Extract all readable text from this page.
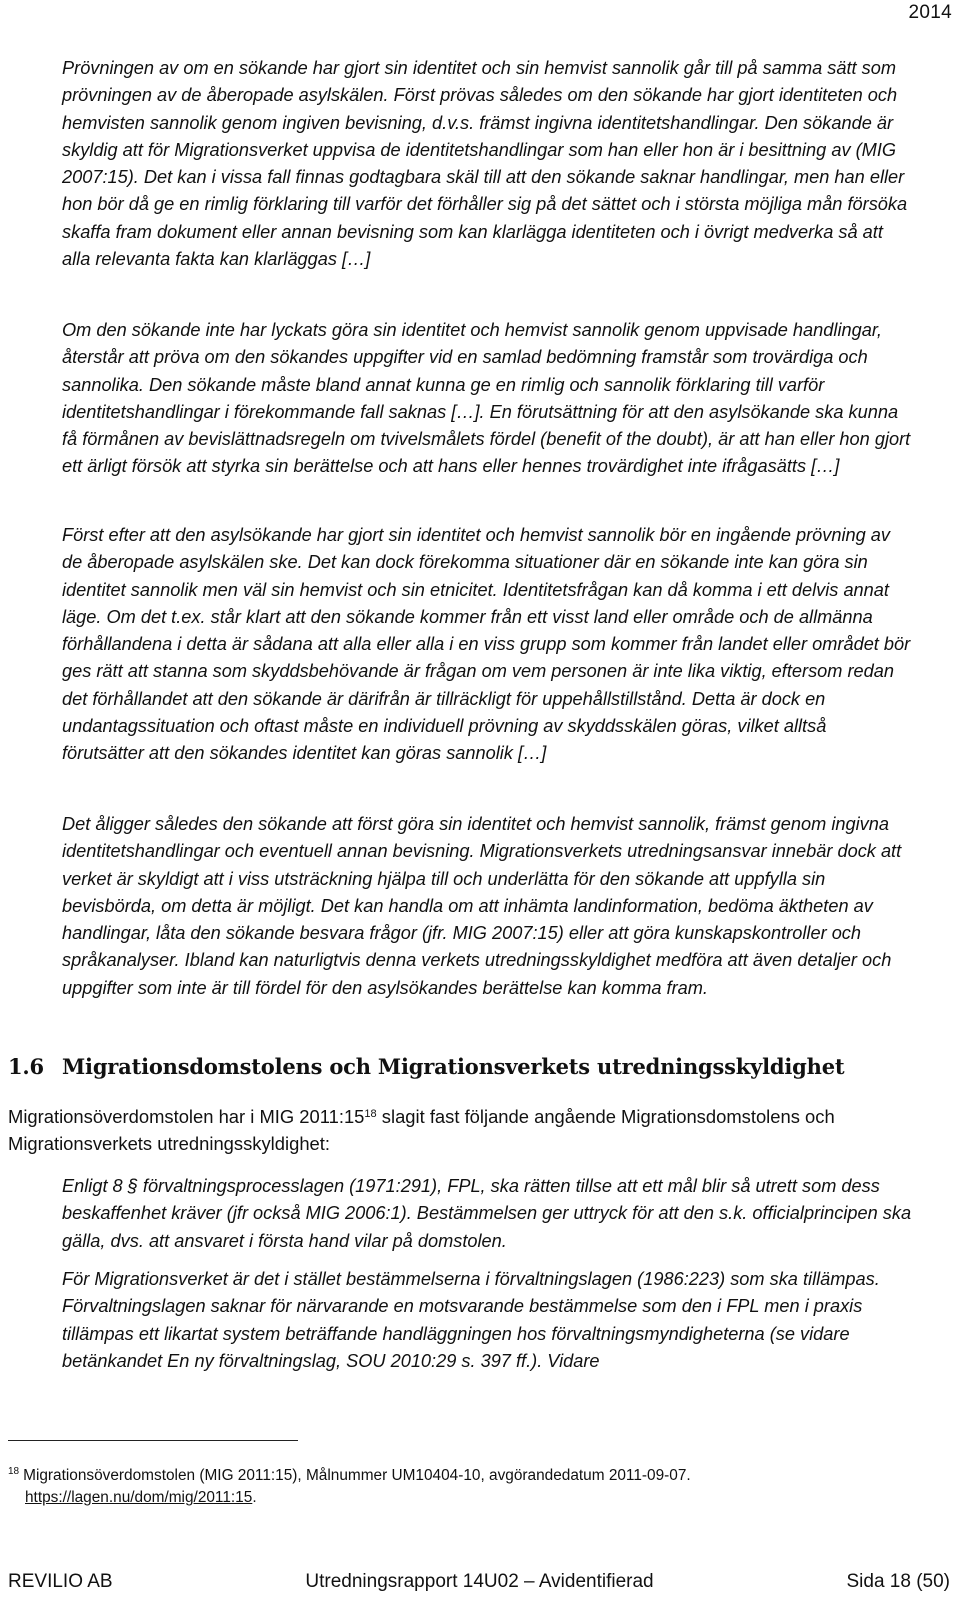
2014

Prövningen av om en sökande har gjort sin identitet och sin hemvist sannolik går till på samma sätt som prövningen av de åberopade asylskälen. Först prövas således om den sökande har gjort identiteten och hemvisten sannolik genom ingiven bevisning, d.v.s. främst ingivna identitetshandlingar. Den sökande är skyldig att för Migrationsverket uppvisa de identitetshandlingar som han eller hon är i besittning av (MIG 2007:15). Det kan i vissa fall finnas godtagbara skäl till att den sökande saknar handlingar, men han eller hon bör då ge en rimlig förklaring till varför det förhåller sig på det sättet och i största möjliga mån försöka skaffa fram dokument eller annan bevisning som kan klarlägga identiteten och i övrigt medverka så att alla relevanta fakta kan klarläggas […]

Om den sökande inte har lyckats göra sin identitet och hemvist sannolik genom uppvisade handlingar, återstår att pröva om den sökandes uppgifter vid en samlad bedömning framstår som trovärdiga och sannolika. Den sökande måste bland annat kunna ge en rimlig och sannolik förklaring till varför identitetshandlingar i förekommande fall saknas […]. En förutsättning för att den asylsökande ska kunna få förmånen av bevislättnadsregeln om tvivelsmålets fördel (benefit of the doubt), är att han eller hon gjort ett ärligt försök att styrka sin berättelse och att hans eller hennes trovärdighet inte ifrågasätts […]

Först efter att den asylsökande har gjort sin identitet och hemvist sannolik bör en ingående prövning av de åberopade asylskälen ske. Det kan dock förekomma situationer där en sökande inte kan göra sin identitet sannolik men väl sin hemvist och sin etnicitet. Identitetsfrågan kan då komma i ett delvis annat läge. Om det t.ex. står klart att den sökande kommer från ett visst land eller område och de allmänna förhållandena i detta är sådana att alla eller alla i en viss grupp som kommer från landet eller området bör ges rätt att stanna som skyddsbehövande är frågan om vem personen är inte lika viktig, eftersom redan det förhållandet att den sökande är därifrån är tillräckligt för uppehållstillstånd. Detta är dock en undantagssituation och oftast måste en individuell prövning av skyddsskälen göras, vilket alltså förutsätter att den sökandes identitet kan göras sannolik […]

Det åligger således den sökande att först göra sin identitet och hemvist sannolik, främst genom ingivna identitetshandlingar och eventuell annan bevisning. Migrationsverkets utredningsansvar innebär dock att verket är skyldigt att i viss utsträckning hjälpa till och underlätta för den sökande att uppfylla sin bevisbörda, om detta är möjligt. Det kan handla om att inhämta landinformation, bedöma äktheten av handlingar, låta den sökande besvara frågor (jfr. MIG 2007:15) eller att göra kunskapskontroller och språkanalyser. Ibland kan naturligtvis denna verkets utredningsskyldighet medföra att även detaljer och uppgifter som inte är till fördel för den asylsökandes berättelse kan komma fram.

1.6 Migrationsdomstolens och Migrationsverkets utredningsskyldighet

Migrationsöverdomstolen har i MIG $2011:15^{18}$ slagit fast följande angående Migrationsdomstolens och Migrationsverkets utredningsskyldighet:

Enligt 8 § förvaltningsprocesslagen (1971:291), FPL, ska rätten tillse att ett mål blir så utrett som dess beskaffenhet kräver (jfr också MIG 2006:1). Bestämmelsen ger uttryck för att den s.k. officialprincipen ska gälla, dvs. att ansvaret i första hand vilar på domstolen.

För Migrationsverket är det i stället bestämmelserna i förvaltningslagen (1986:223) som ska tillämpas. Förvaltningslagen saknar för närvarande en motsvarande bestämmelse som den i FPL men i praxis tillämpas ett likartat system beträffande handläggningen hos förvaltningsmyndigheterna (se vidare betänkandet En ny förvaltningslag, SOU 2010:29 s. 397 ff.). Vidare

$^{18}$ Migrationsöverdomstolen (MIG 2011:15), Målnummer UM10404-10, avgörandedatum 2011-09-07.
https://lagen.nu/dom/mig/2011:15.

REVILIO AB	Utredningsrapport 14U02 – Avidentifierad	Sida 18 (50)
